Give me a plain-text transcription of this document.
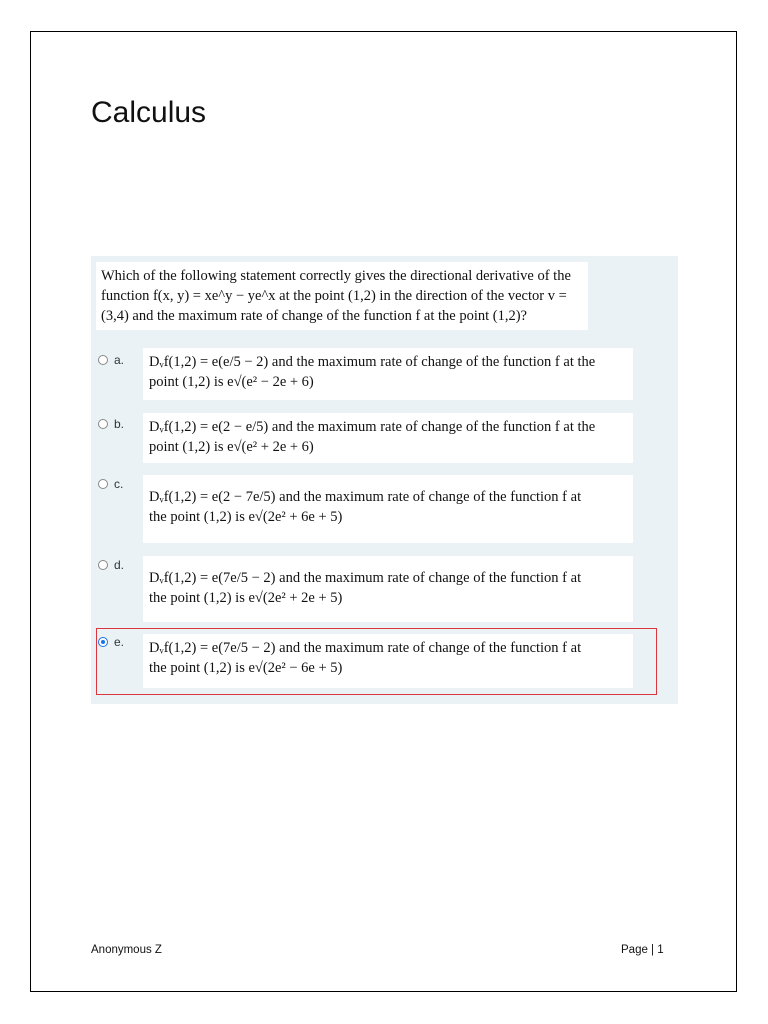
Calculus
Which of the following statement correctly gives the directional derivative of the
function f(x, y) = xe^y − ye^x at the point (1,2) in the direction of the vector v =
(3,4) and the maximum rate of change of the function f at the point (1,2)?
a. Dᵥf(1,2) = e(e/5 − 2) and the maximum rate of change of the function f at the
point (1,2) is e√(e² − 2e + 6)
b. Dᵥf(1,2) = e(2 − e/5) and the maximum rate of change of the function f at the
point (1,2) is e√(e² + 2e + 6)
c.
Dᵥf(1,2) = e(2 − 7e/5) and the maximum rate of change of the function f at
the point (1,2) is e√(2e² + 6e + 5)
d.
Dᵥf(1,2) = e(7e/5 − 2) and the maximum rate of change of the function f at
the point (1,2) is e√(2e² + 2e + 5)
e. Dᵥf(1,2) = e(7e/5 − 2) and the maximum rate of change of the function f at
the point (1,2) is e√(2e² − 6e + 5)
Anonymous Z	Page | 1
